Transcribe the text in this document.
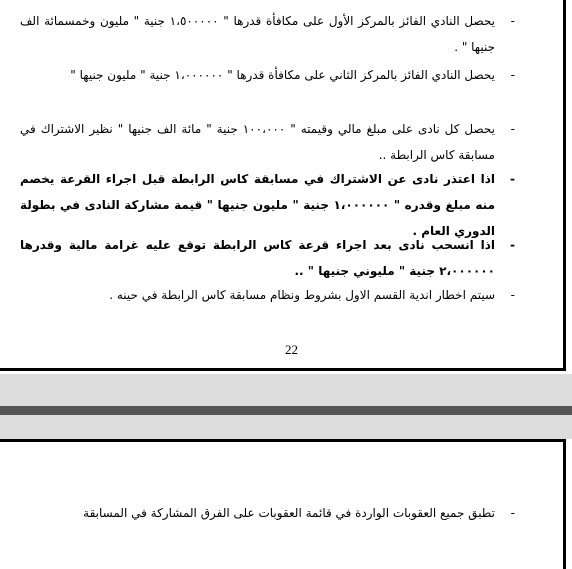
-
يحصل النادي الفائز بالمركز الأول على مكافأة قدرها " ١،٥٠٠٠٠٠ جنية " مليون وخمسمائة الف جنيها " .
-
يحصل النادي الفائز بالمركز الثاني على مكافأة قدرها " ١،٠٠٠٠٠٠ جنية " مليون جنيها "
-
يحصل كل نادى على مبلغ مالي وقيمته " ١٠٠،٠٠٠ جنية " مائة الف جنيها " نظير الاشتراك في مسابقة كاس الرابطة ..
-
اذا اعتذر نادى عن الاشتراك في مسابقة كاس الرابطة قبل اجراء القرعة يخصم منه مبلغ وقدره " ١،٠٠٠٠٠٠ جنية " مليون جنيها " قيمة مشاركة النادى في بطولة الدوري العام .
-
اذا انسحب نادى بعد اجراء قرعة كاس الرابطة توقع عليه غرامة مالية وقدرها ٢،٠٠٠٠٠٠ جنية " مليوني جنيها " ..
-
سيتم اخطار اندية القسم الاول بشروط ونظام مسابقة كاس الرابطة في حينه .
22
-
تطبق جميع العقوبات الواردة في قائمة العقوبات على الفرق المشاركة في المسابقة
